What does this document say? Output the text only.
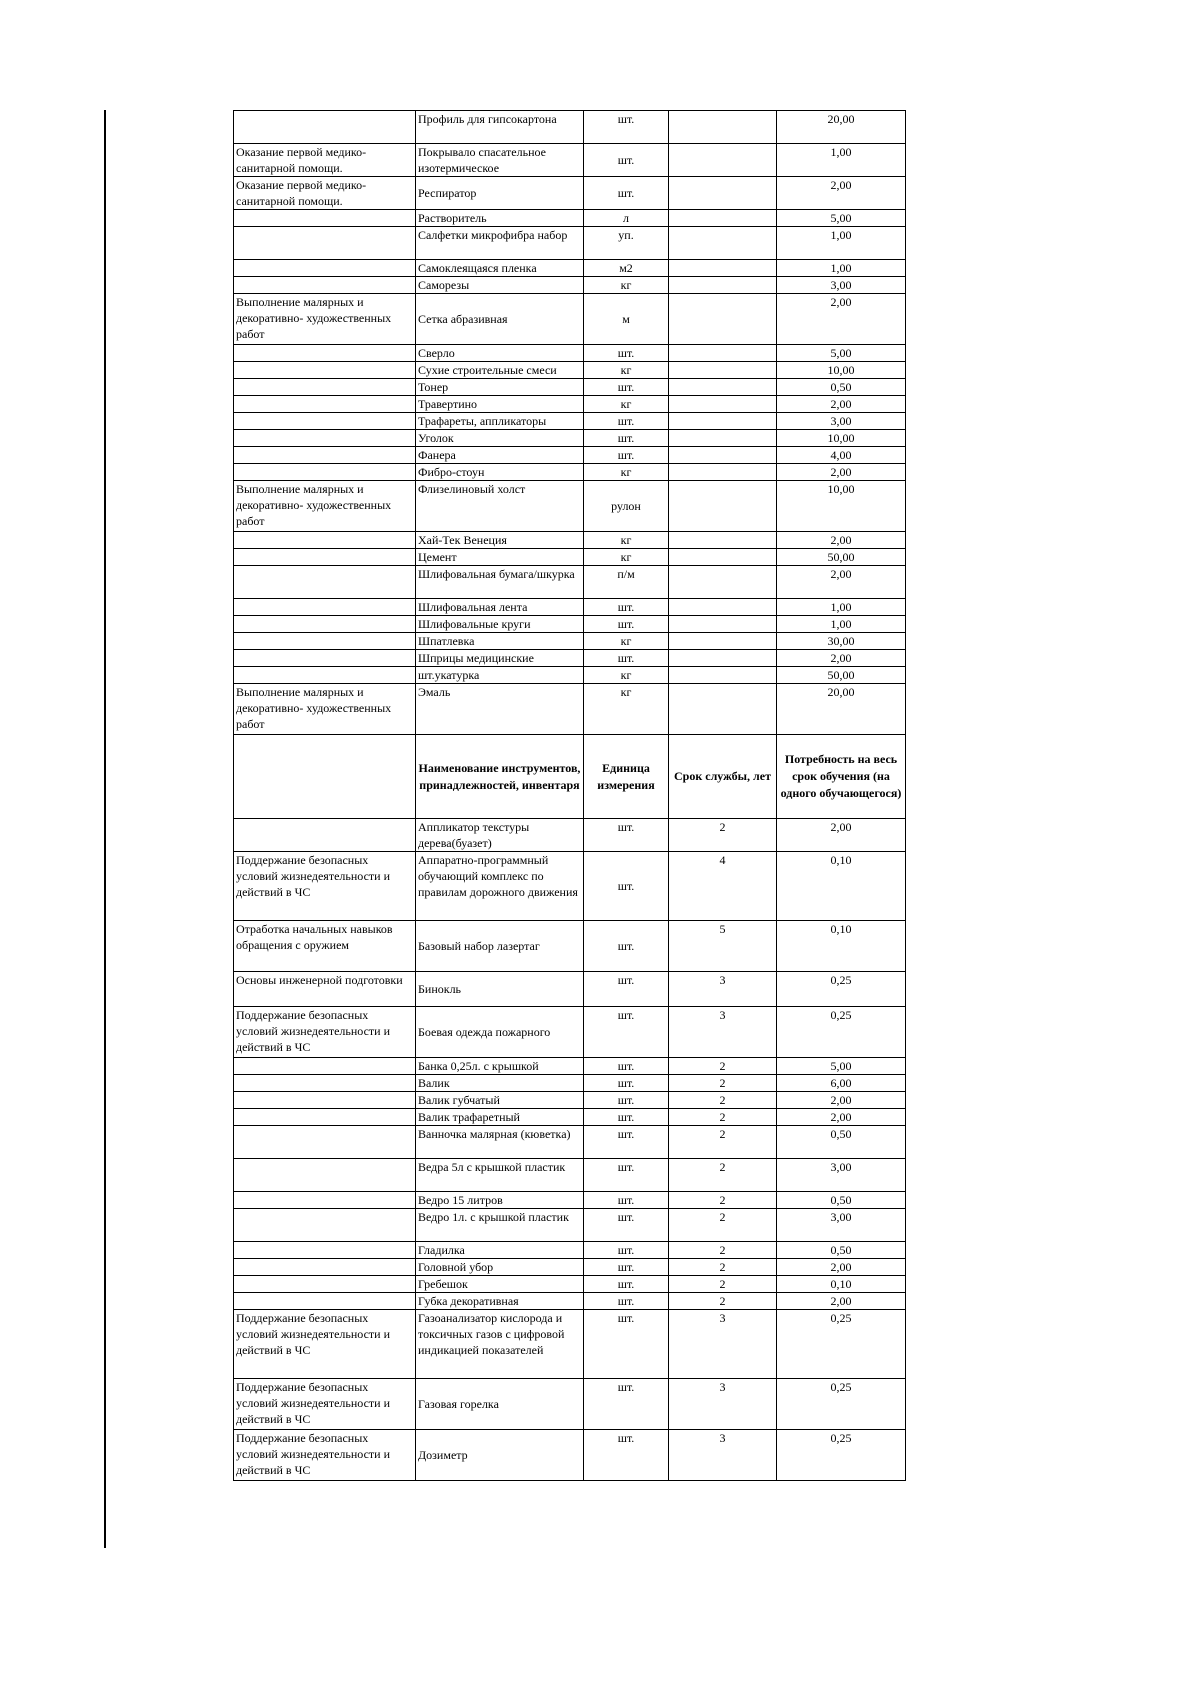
	Профиль для гипсокартона	шт.		20,00
Оказание первой медико-санитарной помощи.	Покрывало спасательное изотермическое	шт.		1,00
Оказание первой медико-санитарной помощи.	Респиратор	шт.		2,00
	Растворитель	л		5,00
	Салфетки микрофибра набор	уп.		1,00
	Самоклеящаяся пленка	м2		1,00
	Саморезы	кг		3,00
Выполнение малярных и декоративно- художественных работ	Сетка абразивная	м		2,00
	Сверло	шт.		5,00
	Сухие строительные смеси	кг		10,00
	Тонер	шт.		0,50
	Травертино	кг		2,00
	Трафареты, аппликаторы	шт.		3,00
	Уголок	шт.		10,00
	Фанера	шт.		4,00
	Фибро-стоун	кг		2,00
Выполнение малярных и декоративно- художественных работ	Флизелиновый холст	рулон		10,00
	Хай-Тек Венеция	кг		2,00
	Цемент	кг		50,00
	Шлифовальная бумага/шкурка	п/м		2,00
	Шлифовальная лента	шт.		1,00
	Шлифовальные круги	шт.		1,00
	Шпатлевка	кг		30,00
	Шприцы медицинские	шт.		2,00
	шт.укатурка	кг		50,00
Выполнение малярных и декоративно- художественных работ	Эмаль	кг		20,00
	Наименование инструментов, принадлежностей, инвентаря	Единица измерения	Срок службы, лет	Потребность на весь срок обучения (на одного обучающегося)
	Аппликатор текстуры дерева(буазет)	шт.	2	2,00
Поддержание безопасных условий жизнедеятельности и действий в ЧС	Аппаратно-программный обучающий комплекс по правилам дорожного движения	шт.	4	0,10
Отработка начальных навыков обращения с оружием	Базовый набор лазертаг	шт.	5	0,10
Основы инженерной подготовки	Бинокль	шт.	3	0,25
Поддержание безопасных условий жизнедеятельности и действий в ЧС	Боевая одежда пожарного	шт.	3	0,25
	Банка 0,25л. с крышкой	шт.	2	5,00
	Валик	шт.	2	6,00
	Валик губчатый	шт.	2	2,00
	Валик трафаретный	шт.	2	2,00
	Ванночка малярная (кюветка)	шт.	2	0,50
	Ведра 5л с крышкой пластик	шт.	2	3,00
	Ведро 15 литров	шт.	2	0,50
	Ведро 1л. с крышкой пластик	шт.	2	3,00
	Гладилка	шт.	2	0,50
	Головной убор	шт.	2	2,00
	Гребешок	шт.	2	0,10
	Губка декоративная	шт.	2	2,00
Поддержание безопасных условий жизнедеятельности и действий в ЧС	Газоанализатор кислорода и токсичных газов с цифровой индикацией показателей	шт.	3	0,25
Поддержание безопасных условий жизнедеятельности и действий в ЧС	Газовая горелка	шт.	3	0,25
Поддержание безопасных условий жизнедеятельности и действий в ЧС	Дозиметр	шт.	3	0,25
